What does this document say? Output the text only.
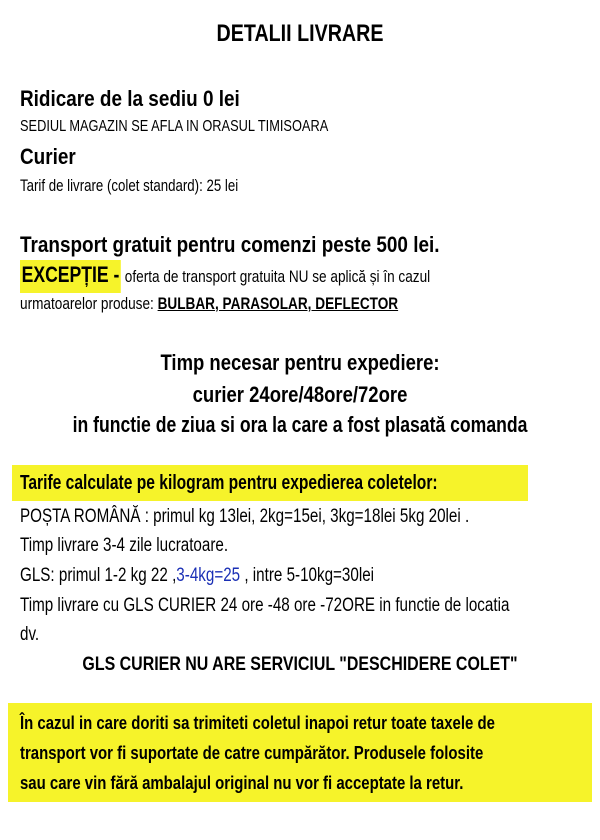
DETALII LIVRARE
Ridicare de la sediu 0 lei
SEDIUL MAGAZIN SE AFLA IN ORASUL TIMISOARA
Curier
Tarif de livrare (colet standard): 25 lei
Transport gratuit pentru comenzi peste 500 lei.
EXCEPȚIE - oferta de transport gratuita NU se aplică și în cazul
urmatoarelor produse: BULBAR, PARASOLAR, DEFLECTOR
Timp necesar pentru expediere:
curier 24ore/48ore/72ore
in functie de ziua si ora la care a fost plasată comanda
Tarife calculate pe kilogram pentru expedierea coletelor:
POȘTA ROMÂNĂ : primul kg 13lei, 2kg=15ei, 3kg=18lei 5kg 20lei .
Timp livrare 3-4 zile lucratoare.
GLS: primul 1-2 kg 22 ,3-4kg=25 , intre 5-10kg=30lei
Timp livrare cu GLS CURIER 24 ore -48 ore -72ORE in functie de locatia
dv.
GLS CURIER NU ARE SERVICIUL "DESCHIDERE COLET"
În cazul in care doriti sa trimiteti coletul inapoi retur toate taxele de
transport vor fi suportate de catre cumpărător. Produsele folosite
sau care vin fără ambalajul original nu vor fi acceptate la retur.
